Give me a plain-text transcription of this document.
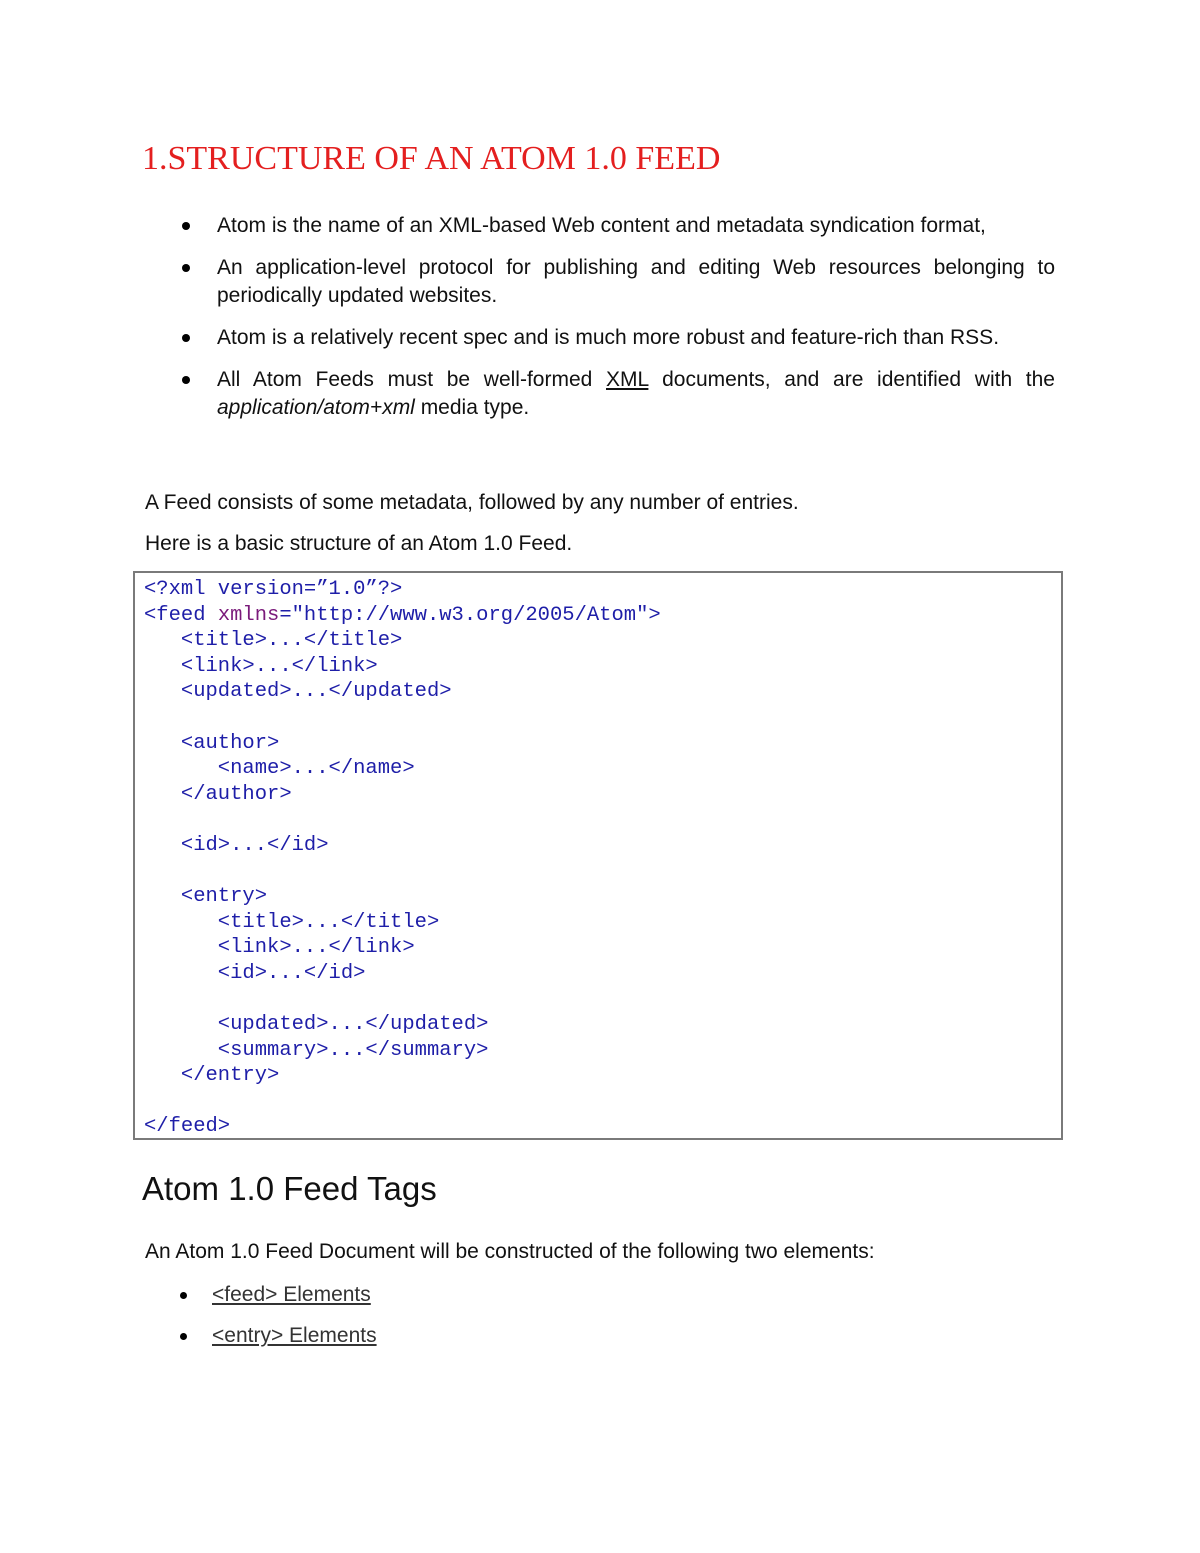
1.STRUCTURE OF AN ATOM 1.0 FEED
Atom is the name of an XML-based Web content and metadata syndication format,
An application-level protocol for publishing and editing Web resources belonging to periodically updated websites.
Atom is a relatively recent spec and is much more robust and feature-rich than RSS.
All Atom Feeds must be well-formed XML documents, and are identified with the application/atom+xml media type.
A Feed consists of some metadata, followed by any number of entries.
Here is a basic structure of an Atom 1.0 Feed.
<?xml version=”1.0”?>
<feed xmlns="http://www.w3.org/2005/Atom">
<title>...</title>
<link>...</link>
<updated>...</updated>

<author>
<name>...</name>
</author>

<id>...</id>

<entry>
<title>...</title>
<link>...</link>
<id>...</id>

<updated>...</updated>
<summary>...</summary>
</entry>

</feed>
Atom 1.0 Feed Tags
An Atom 1.0 Feed Document will be constructed of the following two elements:
<feed> Elements
<entry> Elements
